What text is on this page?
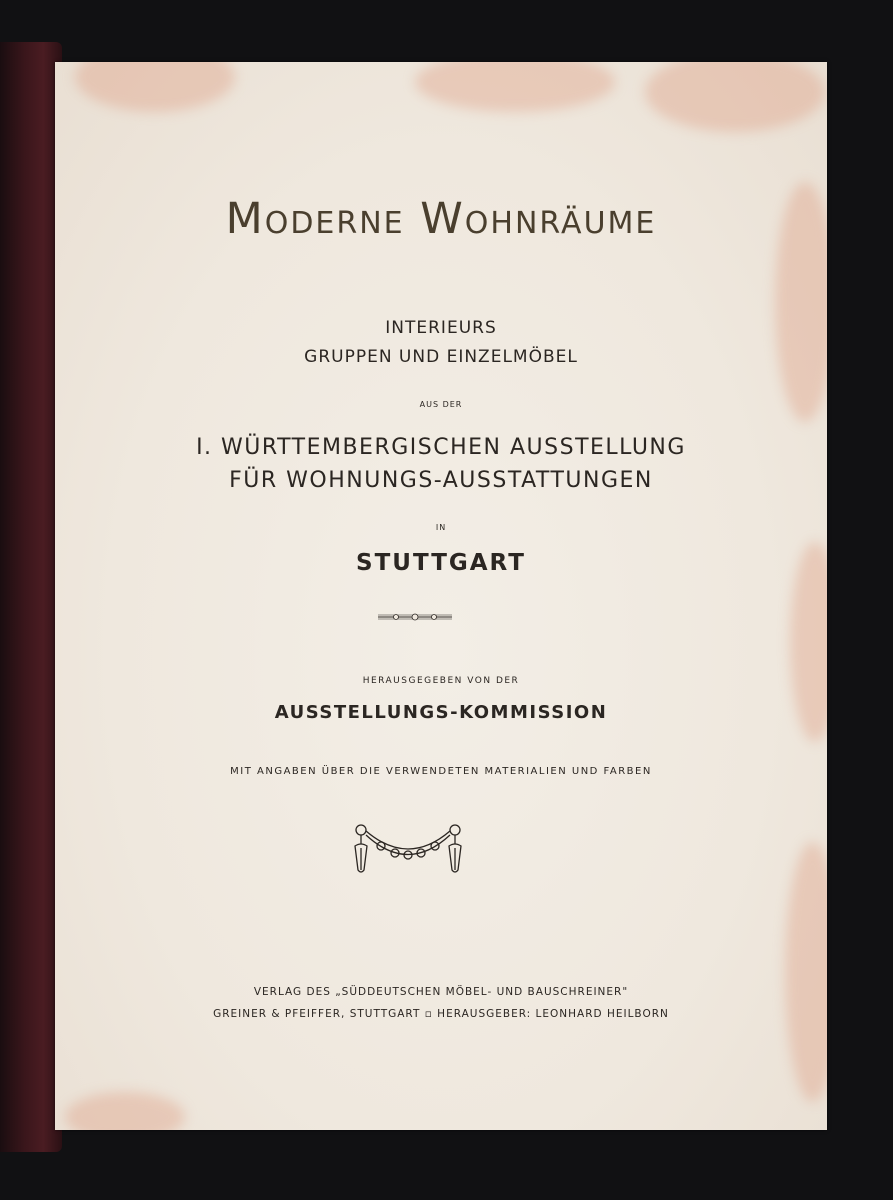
Moderne Wohnräume

INTERIEURS

GRUPPEN UND EINZELMÖBEL

AUS DER

I. WÜRTTEMBERGISCHEN AUSSTELLUNG

FÜR WOHNUNGS-AUSSTATTUNGEN

IN

STUTTGART

HERAUSGEGEBEN VON DER

AUSSTELLUNGS-KOMMISSION

MIT ANGABEN ÜBER DIE VERWENDETEN MATERIALIEN UND FARBEN

VERLAG DES „SÜDDEUTSCHEN MÖBEL- UND BAUSCHREINER"

GREINER & PFEIFFER, STUTTGART ▫ HERAUSGEBER: LEONHARD HEILBORN
